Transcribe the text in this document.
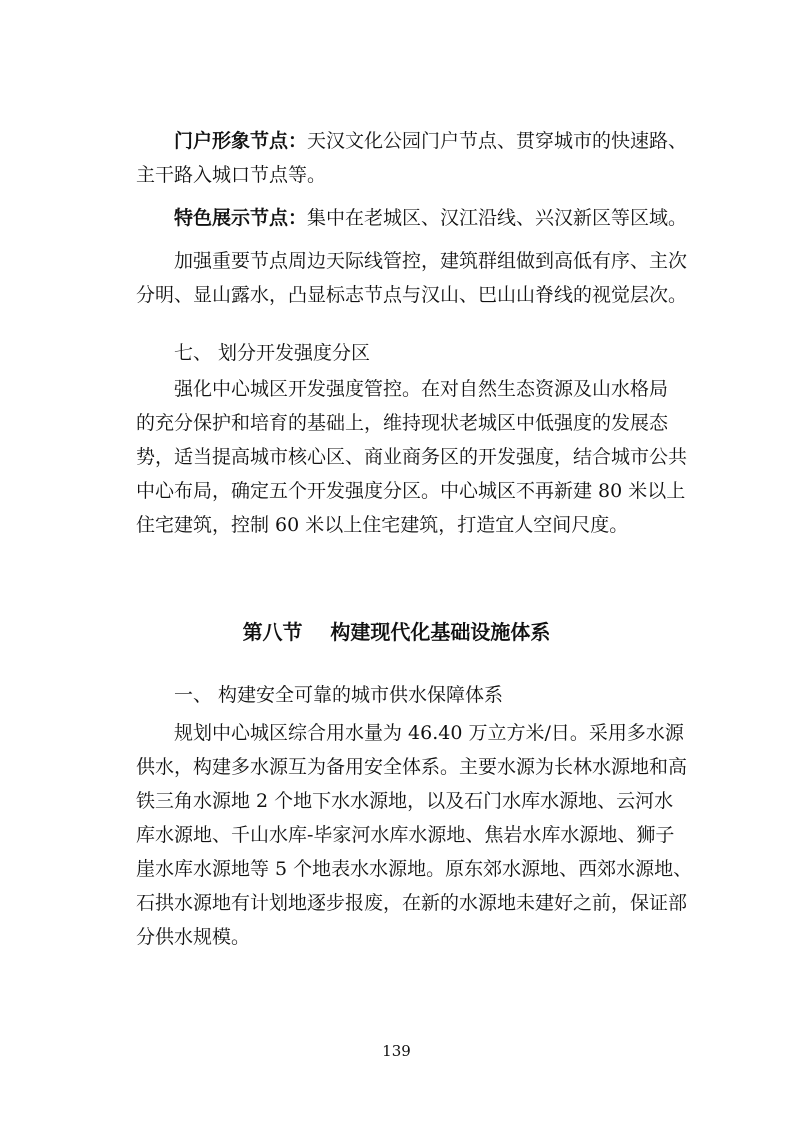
门户形象节点：天汉文化公园门户节点、贯穿城市的快速路、
主干路入城口节点等。
特色展示节点：集中在老城区、汉江沿线、兴汉新区等区域。
加强重要节点周边天际线管控，建筑群组做到高低有序、主次
分明、显山露水，凸显标志节点与汉山、巴山山脊线的视觉层次。
七、 划分开发强度分区
强化中心城区开发强度管控。在对自然生态资源及山水格局
的充分保护和培育的基础上，维持现状老城区中低强度的发展态
势，适当提高城市核心区、商业商务区的开发强度，结合城市公共
中心布局，确定五个开发强度分区。中心城区不再新建 80 米以上
住宅建筑，控制 60 米以上住宅建筑，打造宜人空间尺度。
第八节    构建现代化基础设施体系
一、 构建安全可靠的城市供水保障体系
规划中心城区综合用水量为 46.40 万立方米/日。采用多水源
供水，构建多水源互为备用安全体系。主要水源为长林水源地和高
铁三角水源地 2 个地下水水源地，以及石门水库水源地、云河水
库水源地、千山水库-毕家河水库水源地、焦岩水库水源地、狮子
崖水库水源地等 5 个地表水水源地。原东郊水源地、西郊水源地、
石拱水源地有计划地逐步报废，在新的水源地未建好之前，保证部
分供水规模。
139
